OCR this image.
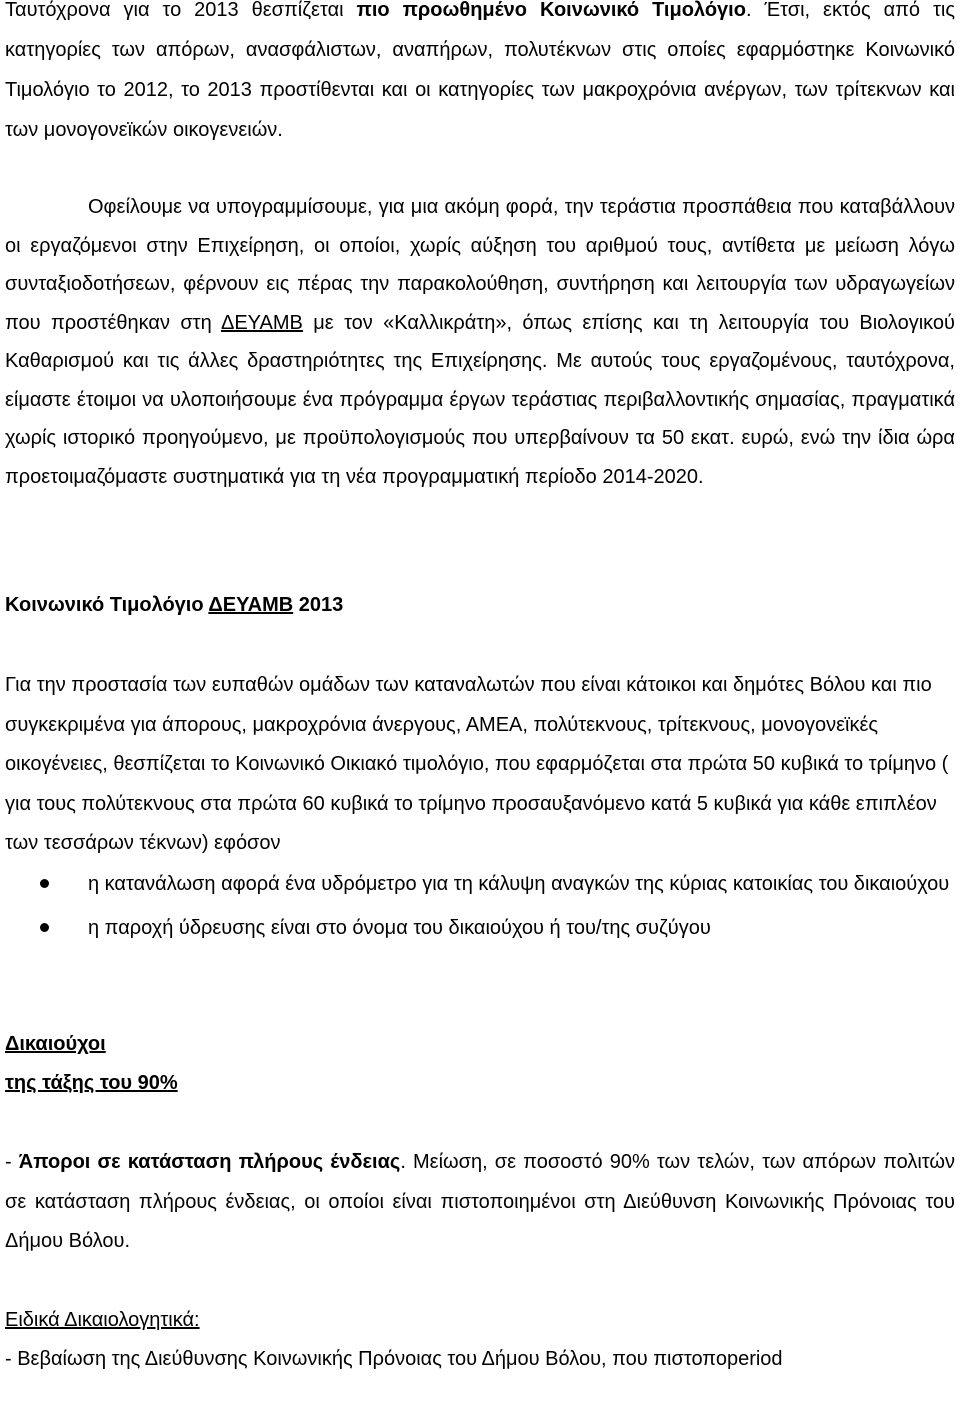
Ταυτόχρονα για το 2013 θεσπίζεται πιο προωθημένο Κοινωνικό Τιμολόγιο. Έτσι, εκτός από τις κατηγορίες των απόρων, ανασφάλιστων, αναπήρων, πολυτέκνων στις οποίες εφαρμόστηκε Κοινωνικό Τιμολόγιο το 2012, το 2013 προστίθενται και οι κατηγορίες των μακροχρόνια ανέργων, των τρίτεκνων και των μονογονεϊκών οικογενειών.

Οφείλουμε να υπογραμμίσουμε, για μια ακόμη φορά, την τεράστια προσπάθεια που καταβάλλουν οι εργαζόμενοι στην Επιχείρηση, οι οποίοι, χωρίς αύξηση του αριθμού τους, αντίθετα με μείωση λόγω συνταξιοδοτήσεων, φέρνουν εις πέρας την παρακολούθηση, συντήρηση και λειτουργία των υδραγωγείων που προστέθηκαν στη ΔΕΥΑΜΒ με τον «Καλλικράτη», όπως επίσης και τη λειτουργία του Βιολογικού Καθαρισμού και τις άλλες δραστηριότητες της Επιχείρησης. Με αυτούς τους εργαζομένους, ταυτόχρονα, είμαστε έτοιμοι να υλοποιήσουμε ένα πρόγραμμα έργων τεράστιας περιβαλλοντικής σημασίας, πραγματικά χωρίς ιστορικό προηγούμενο, με προϋπολογισμούς που υπερβαίνουν τα 50 εκατ. ευρώ, ενώ την ίδια ώρα προετοιμαζόμαστε συστηματικά για τη νέα προγραμματική περίοδο 2014-2020.

Κοινωνικό Τιμολόγιο ΔΕΥΑΜΒ 2013

Για την προστασία των ευπαθών ομάδων των καταναλωτών που είναι κάτοικοι και δημότες Βόλου και πιο συγκεκριμένα για άπορους, μακροχρόνια άνεργους, ΑΜΕΑ, πολύτεκνους, τρίτεκνους, μονογονεϊκές οικογένειες, θεσπίζεται το Κοινωνικό Οικιακό τιμολόγιο, που εφαρμόζεται στα πρώτα 50 κυβικά το τρίμηνο ( για τους πολύτεκνους στα πρώτα 60 κυβικά το τρίμηνο προσαυξανόμενο κατά 5 κυβικά για κάθε επιπλέον των τεσσάρων τέκνων) εφόσον

η κατανάλωση αφορά ένα υδρόμετρο για τη κάλυψη αναγκών της κύριας κατοικίας του δικαιούχου
η παροχή ύδρευσης είναι στο όνομα του δικαιούχου ή του/της συζύγου

Δικαιούχοι

της τάξης του 90%

- Άποροι σε κατάσταση πλήρους ένδειας. Μείωση, σε ποσοστό 90% των τελών, των απόρων πολιτών σε κατάσταση πλήρους ένδειας, οι οποίοι είναι πιστοποιημένοι στη Διεύθυνση Κοινωνικής Πρόνοιας του Δήμου Βόλου.

Ειδικά Δικαιολογητικά:

- Βεβαίωση της Διεύθυνσης Κοινωνικής Πρόνοιας του Δήμου Βόλου, που πιστοποperiod
